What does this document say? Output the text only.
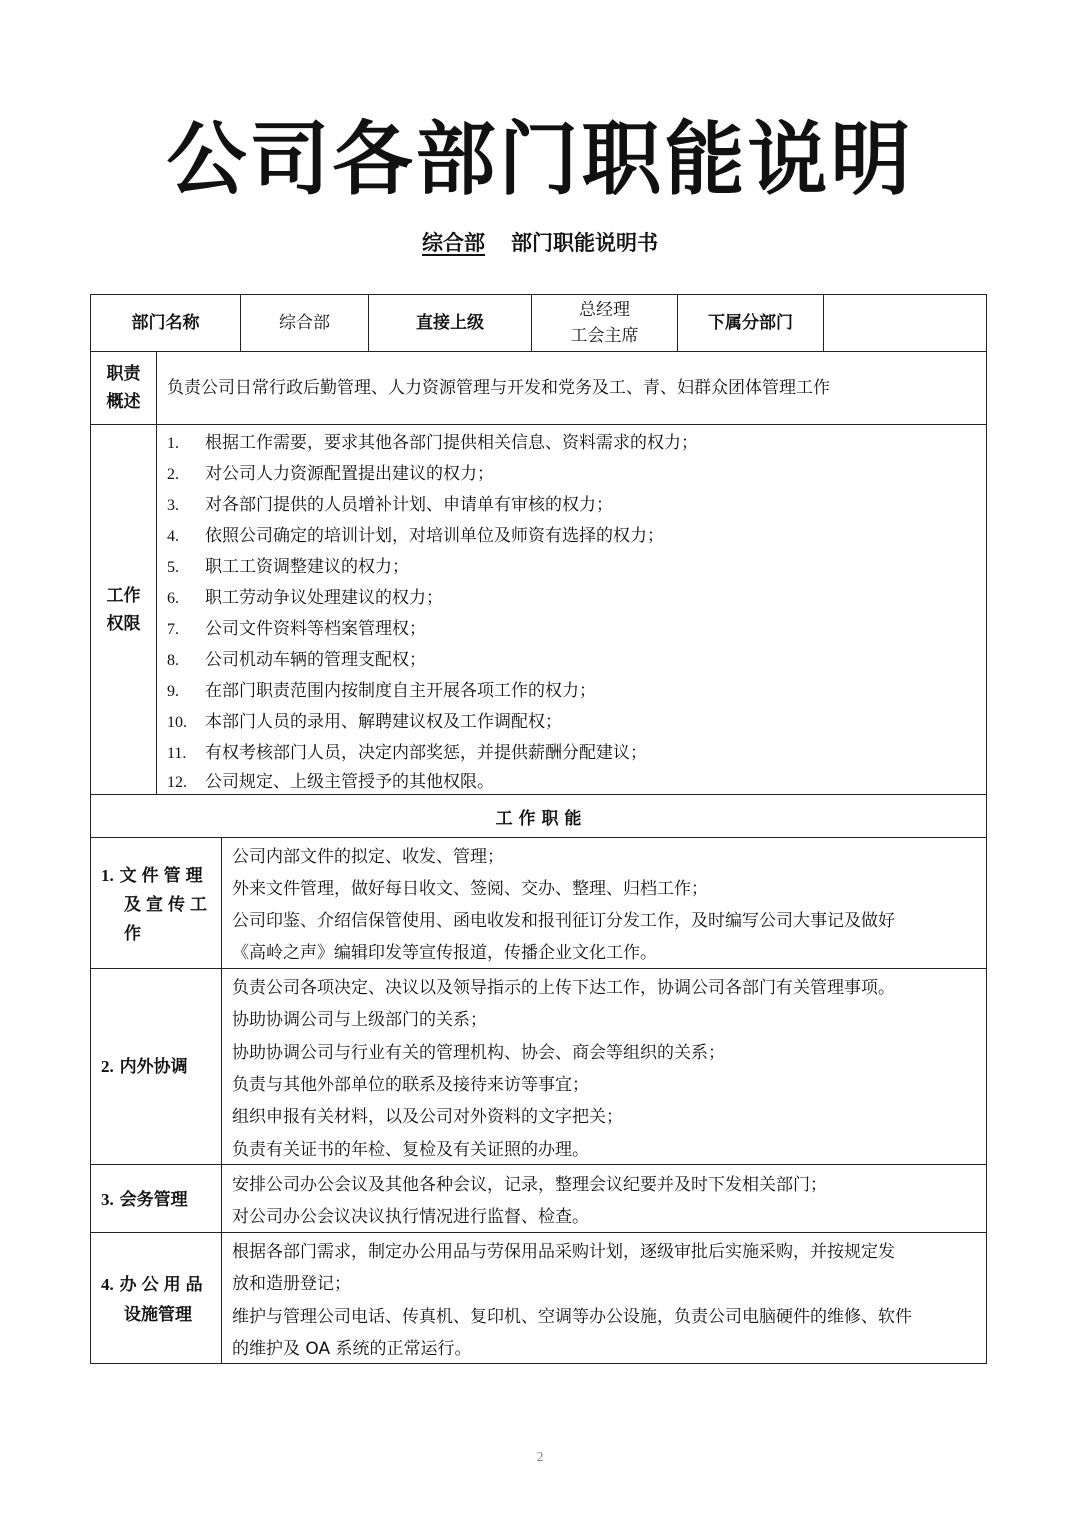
公司各部门职能说明
综合部 部门职能说明书
部门名称	综合部	直接上级
总经理
工会主席
下属分部门
职责
概述
负责公司日常行政后勤管理、人力资源管理与开发和党务及工、青、妇群众团体管理工作
工作
权限
1. 根据工作需要，要求其他各部门提供相关信息、资料需求的权力；
2. 对公司人力资源配置提出建议的权力；
3. 对各部门提供的人员增补计划、申请单有审核的权力；
4. 依照公司确定的培训计划，对培训单位及师资有选择的权力；
5. 职工工资调整建议的权力；
6. 职工劳动争议处理建议的权力；
7. 公司文件资料等档案管理权；
8. 公司机动车辆的管理支配权；
9. 在部门职责范围内按制度自主开展各项工作的权力；
10. 本部门人员的录用、解聘建议权及工作调配权；
11. 有权考核部门人员，决定内部奖惩，并提供薪酬分配建议；
12. 公司规定、上级主管授予的其他权限。
工 作 职 能
1. 文件管理
及宣传工
作
公司内部文件的拟定、收发、管理；
外来文件管理，做好每日收文、签阅、交办、整理、归档工作；
公司印鉴、介绍信保管使用、函电收发和报刊征订分发工作，及时编写公司大事记及做好
《高岭之声》编辑印发等宣传报道，传播企业文化工作。
2. 内外协调
负责公司各项决定、决议以及领导指示的上传下达工作，协调公司各部门有关管理事项。
协助协调公司与上级部门的关系；
协助协调公司与行业有关的管理机构、协会、商会等组织的关系；
负责与其他外部单位的联系及接待来访等事宜；
组织申报有关材料，以及公司对外资料的文字把关；
负责有关证书的年检、复检及有关证照的办理。
3. 会务管理
安排公司办公会议及其他各种会议，记录，整理会议纪要并及时下发相关部门；
对公司办公会议决议执行情况进行监督、检查。
4. 办公用品
设施管理
根据各部门需求，制定办公用品与劳保用品采购计划，逐级审批后实施采购，并按规定发
放和造册登记；
维护与管理公司电话、传真机、复印机、空调等办公设施，负责公司电脑硬件的维修、软件
的维护及 OA 系统的正常运行。
2
